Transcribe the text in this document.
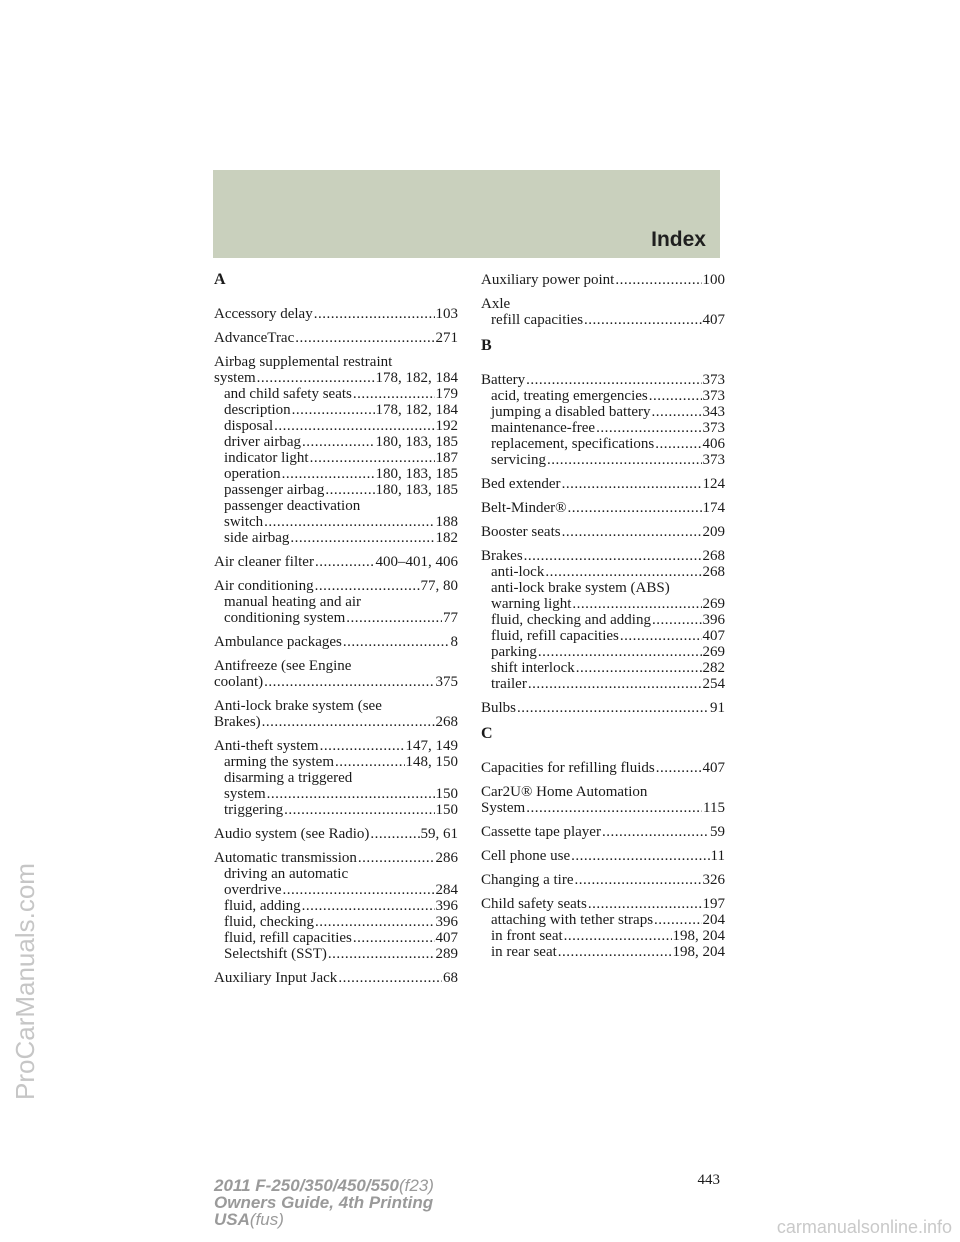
Index
A
Accessory delay .....	103
AdvanceTrac .....	271
Airbag supplemental restraint
system .....	178, 182, 184
and child safety seats .....	179
description .....	178, 182, 184
disposal .....	192
driver airbag .....	180, 183, 185
indicator light .....	187
operation .....	180, 183, 185
passenger airbag .....	180, 183, 185
passenger deactivation
switch .....	188
side airbag .....	182
Air cleaner filter .....	400–401, 406
Air conditioning .....	77, 80
manual heating and air
conditioning system .....	77
Ambulance packages .....	8
Antifreeze (see Engine
coolant) .....	375
Anti-lock brake system (see
Brakes) .....	268
Anti-theft system .....	147, 149
arming the system .....	148, 150
disarming a triggered
system .....	150
triggering .....	150
Audio system (see Radio) .....	59, 61
Automatic transmission .....	286
driving an automatic
overdrive .....	284
fluid, adding .....	396
fluid, checking .....	396
fluid, refill capacities .....	407
Selectshift (SST) .....	289
Auxiliary Input Jack .....	68
Auxiliary power point .....	100
Axle
refill capacities .....	407
B
Battery .....	373
acid, treating emergencies .....	373
jumping a disabled battery .....	343
maintenance-free .....	373
replacement, specifications .....	406
servicing .....	373
Bed extender .....	124
Belt-Minder® .....	174
Booster seats .....	209
Brakes .....	268
anti-lock .....	268
anti-lock brake system (ABS)
warning light .....	269
fluid, checking and adding .....	396
fluid, refill capacities .....	407
parking .....	269
shift interlock .....	282
trailer .....	254
Bulbs .....	91
C
Capacities for refilling fluids .....	407
Car2U® Home Automation
System .....	115
Cassette tape player .....	59
Cell phone use .....	11
Changing a tire .....	326
Child safety seats .....	197
attaching with tether straps .....	204
in front seat .....	198, 204
in rear seat .....	198, 204
443
2011 F-250/350/450/550(f23)
Owners Guide, 4th Printing
USA(fus)
ProCarManuals.com
carmanualsonline.info
